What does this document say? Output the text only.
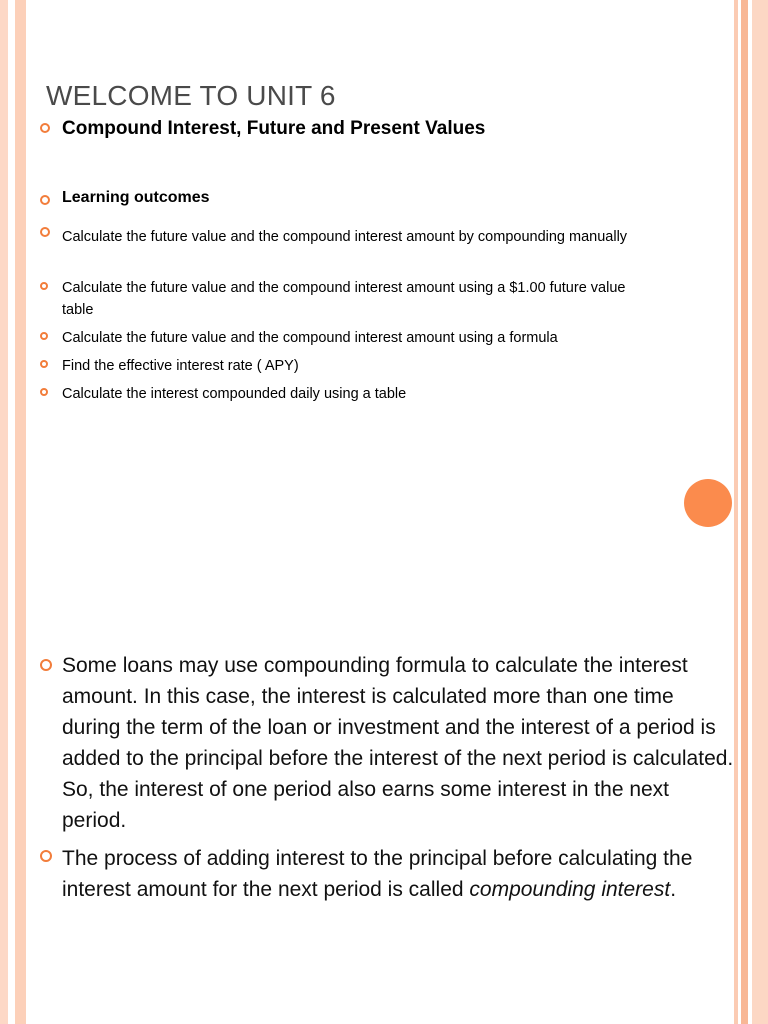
WELCOME TO UNIT 6
Compound Interest, Future and Present Values
Learning outcomes
Calculate the future value and the compound interest amount by compounding manually
Calculate the future value and the compound interest amount using a $1.00 future value table
Calculate the future value and the compound interest amount using a formula
Find the effective interest rate ( APY)
Calculate the interest compounded daily using a table
Some loans may use compounding formula to calculate the interest amount. In this case, the interest is calculated more than one time during the term of the loan or investment and the interest of a period is added to the principal before the interest of the next period is calculated. So, the interest of one period also earns some interest in the next period.
The process of adding interest to the principal before calculating the interest amount for the next period is called compounding interest.
